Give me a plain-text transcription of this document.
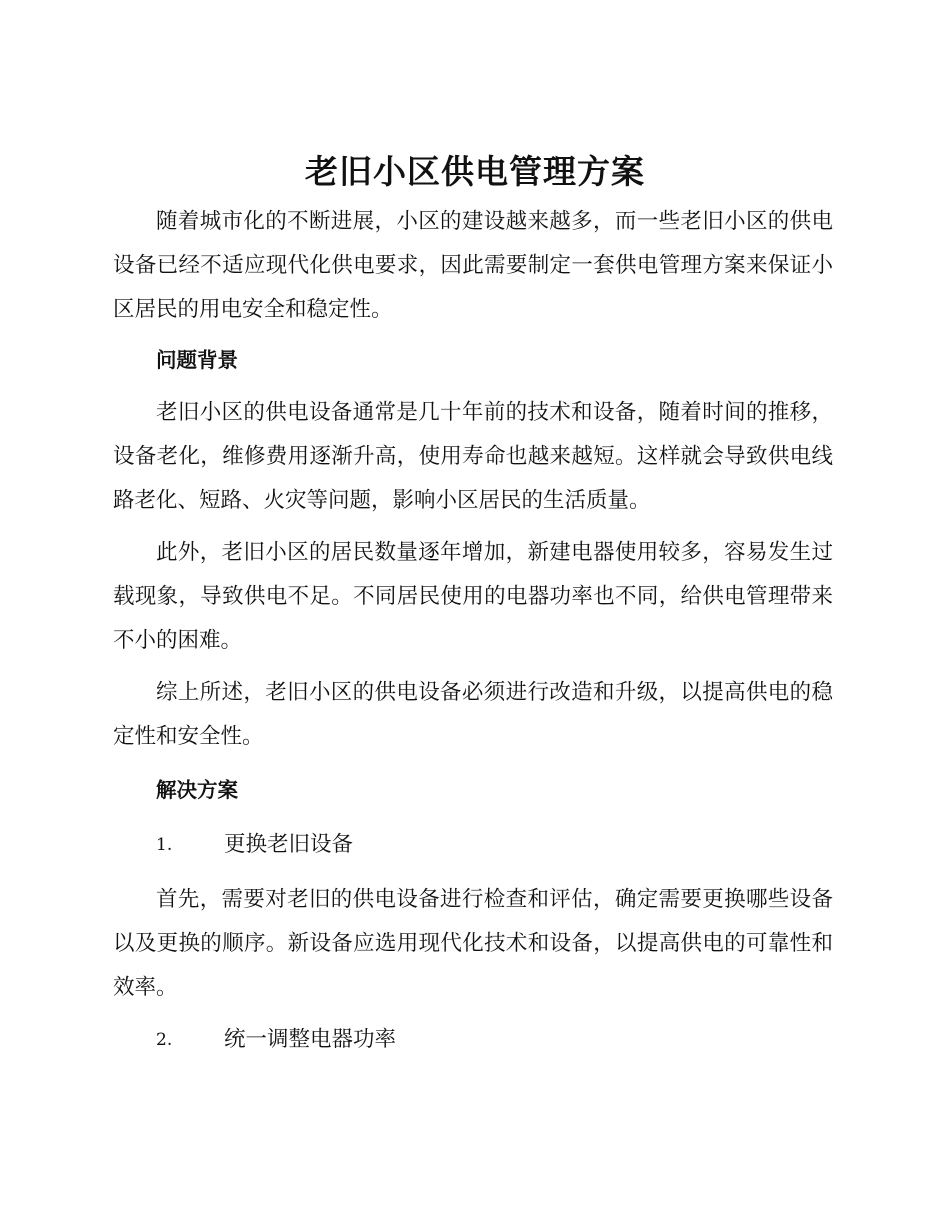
老旧小区供电管理方案

随着城市化的不断进展，小区的建设越来越多，而一些老旧小区的供电设备已经不适应现代化供电要求，因此需要制定一套供电管理方案来保证小区居民的用电安全和稳定性。

问题背景

老旧小区的供电设备通常是几十年前的技术和设备，随着时间的推移，设备老化，维修费用逐渐升高，使用寿命也越来越短。这样就会导致供电线路老化、短路、火灾等问题，影响小区居民的生活质量。

此外，老旧小区的居民数量逐年增加，新建电器使用较多，容易发生过载现象，导致供电不足。不同居民使用的电器功率也不同，给供电管理带来不小的困难。

综上所述，老旧小区的供电设备必须进行改造和升级，以提高供电的稳定性和安全性。

解决方案
1. 更换老旧设备

首先，需要对老旧的供电设备进行检查和评估，确定需要更换哪些设备以及更换的顺序。新设备应选用现代化技术和设备，以提高供电的可靠性和效率。

2. 统一调整电器功率
